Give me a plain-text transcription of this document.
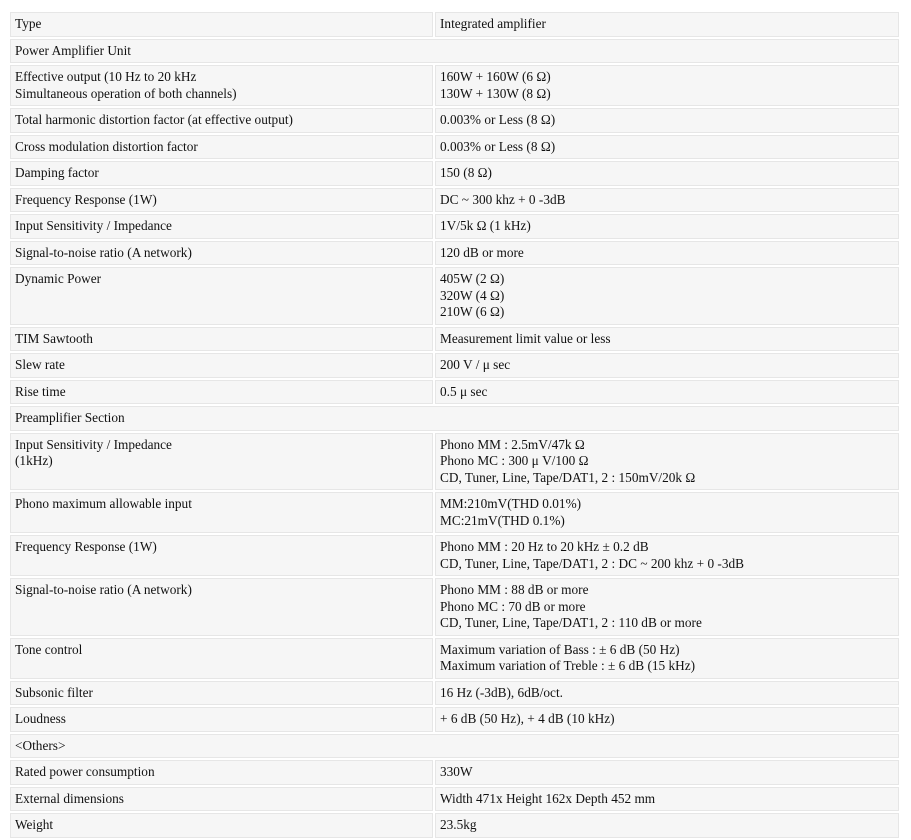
Type	Integrated amplifier

Power Amplifier Unit	

Effective output (10 Hz to 20 kHz
Simultaneous operation of both channels)	160W + 160W (6 Ω)
130W + 130W (8 Ω)

Total harmonic distortion factor (at effective output)	0.003% or Less (8 Ω)

Cross modulation distortion factor	0.003% or Less (8 Ω)

Damping factor	150 (8 Ω)

Frequency Response (1W)	DC ~ 300 khz + 0 -3dB

Input Sensitivity / Impedance	1V/5k Ω (1 kHz)

Signal-to-noise ratio (A network)	120 dB or more

Dynamic Power	405W (2 Ω)
320W (4 Ω)
210W (6 Ω)

TIM Sawtooth	Measurement limit value or less

Slew rate	200 V / μ sec

Rise time	0.5 μ sec

Preamplifier Section	

Input Sensitivity / Impedance
(1kHz)	Phono MM : 2.5mV/47k Ω
Phono MC : 300 μ V/100 Ω
CD, Tuner, Line, Tape/DAT1, 2 : 150mV/20k Ω

Phono maximum allowable input	MM:210mV(THD 0.01%)
MC:21mV(THD 0.1%)

Frequency Response (1W)	Phono MM : 20 Hz to 20 kHz ± 0.2 dB
CD, Tuner, Line, Tape/DAT1, 2 : DC ~ 200 khz + 0 -3dB

Signal-to-noise ratio (A network)	Phono MM : 88 dB or more
Phono MC : 70 dB or more
CD, Tuner, Line, Tape/DAT1, 2 : 110 dB or more

Tone control	Maximum variation of Bass : ± 6 dB (50 Hz)
Maximum variation of Treble : ± 6 dB (15 kHz)

Subsonic filter	16 Hz (-3dB), 6dB/oct.

Loudness	+ 6 dB (50 Hz), + 4 dB (10 kHz)

<Others>	

Rated power consumption	330W

External dimensions	Width 471x Height 162x Depth 452 mm

Weight	23.5kg
